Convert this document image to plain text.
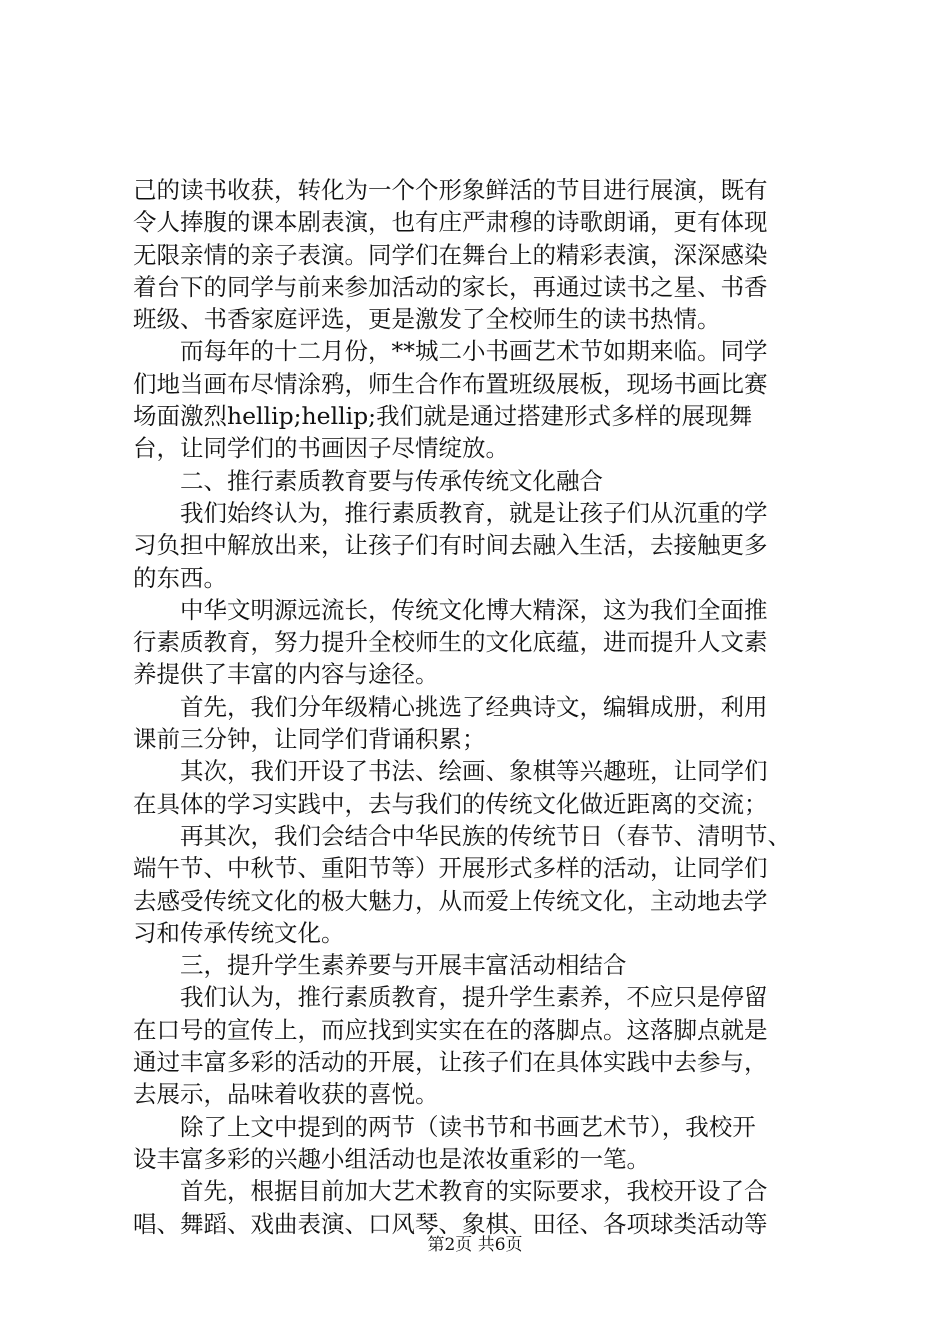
己的读书收获，转化为一个个形象鲜活的节目进行展演，既有
令人捧腹的课本剧表演，也有庄严肃穆的诗歌朗诵，更有体现
无限亲情的亲子表演。同学们在舞台上的精彩表演，深深感染
着台下的同学与前来参加活动的家长，再通过读书之星、书香
班级、书香家庭评选，更是激发了全校师生的读书热情。
而每年的十二月份，**城二小书画艺术节如期来临。同学
们地当画布尽情涂鸦，师生合作布置班级展板，现场书画比赛
场面激烈hellip;hellip;我们就是通过搭建形式多样的展现舞
台，让同学们的书画因子尽情绽放。
二、推行素质教育要与传承传统文化融合
我们始终认为，推行素质教育，就是让孩子们从沉重的学
习负担中解放出来，让孩子们有时间去融入生活，去接触更多
的东西。
中华文明源远流长，传统文化博大精深，这为我们全面推
行素质教育，努力提升全校师生的文化底蕴，进而提升人文素
养提供了丰富的内容与途径。
首先，我们分年级精心挑选了经典诗文，编辑成册，利用
课前三分钟，让同学们背诵积累；
其次，我们开设了书法、绘画、象棋等兴趣班，让同学们
在具体的学习实践中，去与我们的传统文化做近距离的交流；
再其次，我们会结合中华民族的传统节日（春节、清明节、
端午节、中秋节、重阳节等）开展形式多样的活动，让同学们
去感受传统文化的极大魅力，从而爱上传统文化，主动地去学
习和传承传统文化。
三，提升学生素养要与开展丰富活动相结合
我们认为，推行素质教育，提升学生素养，不应只是停留
在口号的宣传上，而应找到实实在在的落脚点。这落脚点就是
通过丰富多彩的活动的开展，让孩子们在具体实践中去参与，
去展示，品味着收获的喜悦。
除了上文中提到的两节（读书节和书画艺术节），我校开
设丰富多彩的兴趣小组活动也是浓妆重彩的一笔。
首先，根据目前加大艺术教育的实际要求，我校开设了合
唱、舞蹈、戏曲表演、口风琴、象棋、田径、各项球类活动等
第2页 共6页
